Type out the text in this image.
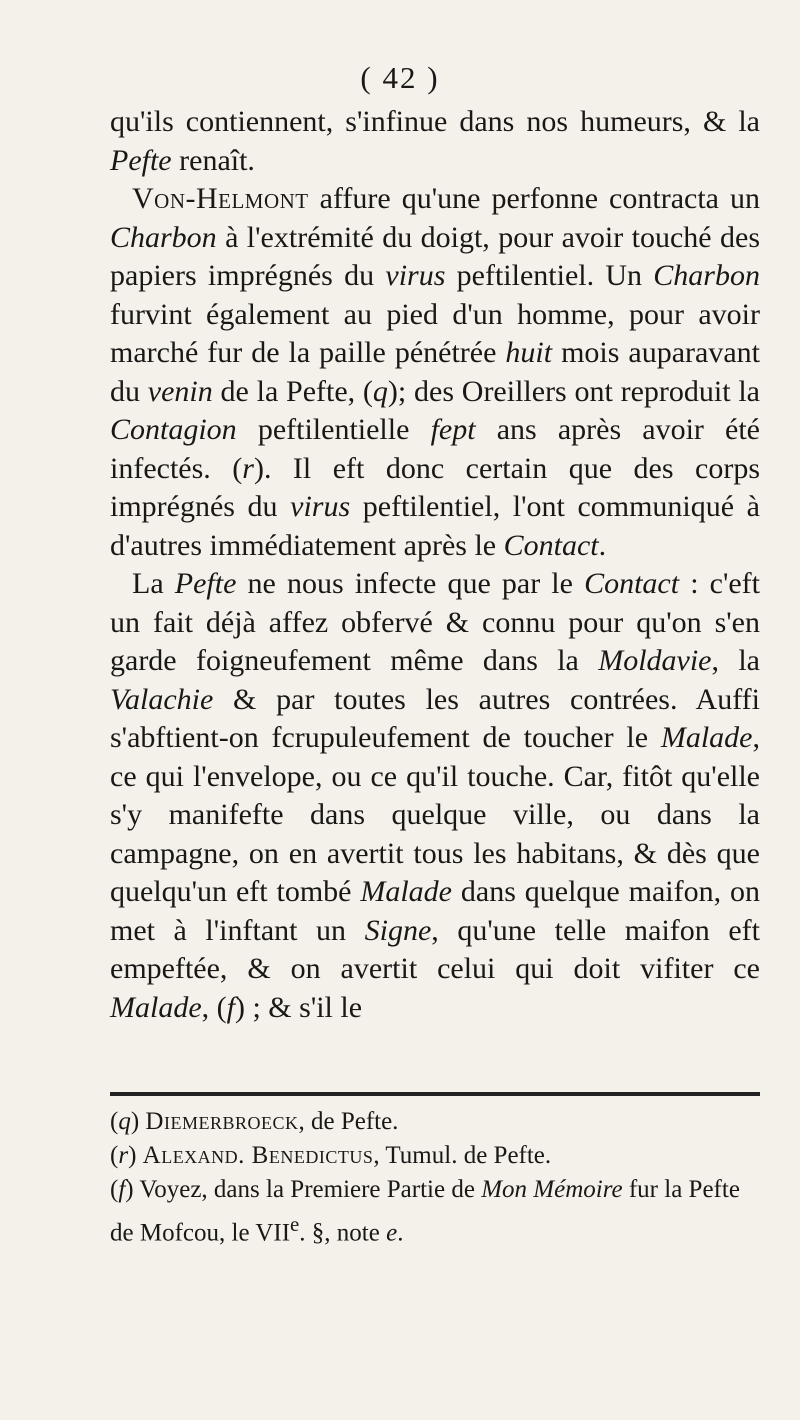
( 42 )

qu'ils contiennent, s'infinue dans nos humeurs, & la Pefte renaît.

Von-Helmont affure qu'une perfonne contracta un Charbon à l'extrémité du doigt, pour avoir touché des papiers imprégnés du virus peftilentiel. Un Charbon furvint également au pied d'un homme, pour avoir marché fur de la paille pénétrée huit mois auparavant du venin de la Pefte, (q); des Oreillers ont reproduit la Contagion peftilentielle fept ans après avoir été infectés. (r). Il eft donc certain que des corps imprégnés du virus peftilentiel, l'ont communiqué à d'autres immédiatement après le Contact.

La Pefte ne nous infecte que par le Contact : c'eft un fait déjà affez obfervé & connu pour qu'on s'en garde foigneufement même dans la Moldavie, la Valachie & par toutes les autres contrées. Auffi s'abftient-on fcrupuleufement de toucher le Malade, ce qui l'envelope, ou ce qu'il touche. Car, fitôt qu'elle s'y manifefte dans quelque ville, ou dans la campagne, on en avertit tous les habitans, & dès que quelqu'un eft tombé Malade dans quelque maifon, on met à l'inftant un Signe, qu'une telle maifon eft empeftée, & on avertit celui qui doit vifiter ce Malade, (f) ; & s'il le

(q) Diemerbroeck, de Pefte.

(r) Alexand. Benedictus, Tumul. de Pefte.

(f) Voyez, dans la Premiere Partie de Mon Mémoire fur la Pefte de Mofcou, le VIIe. §, note e.
